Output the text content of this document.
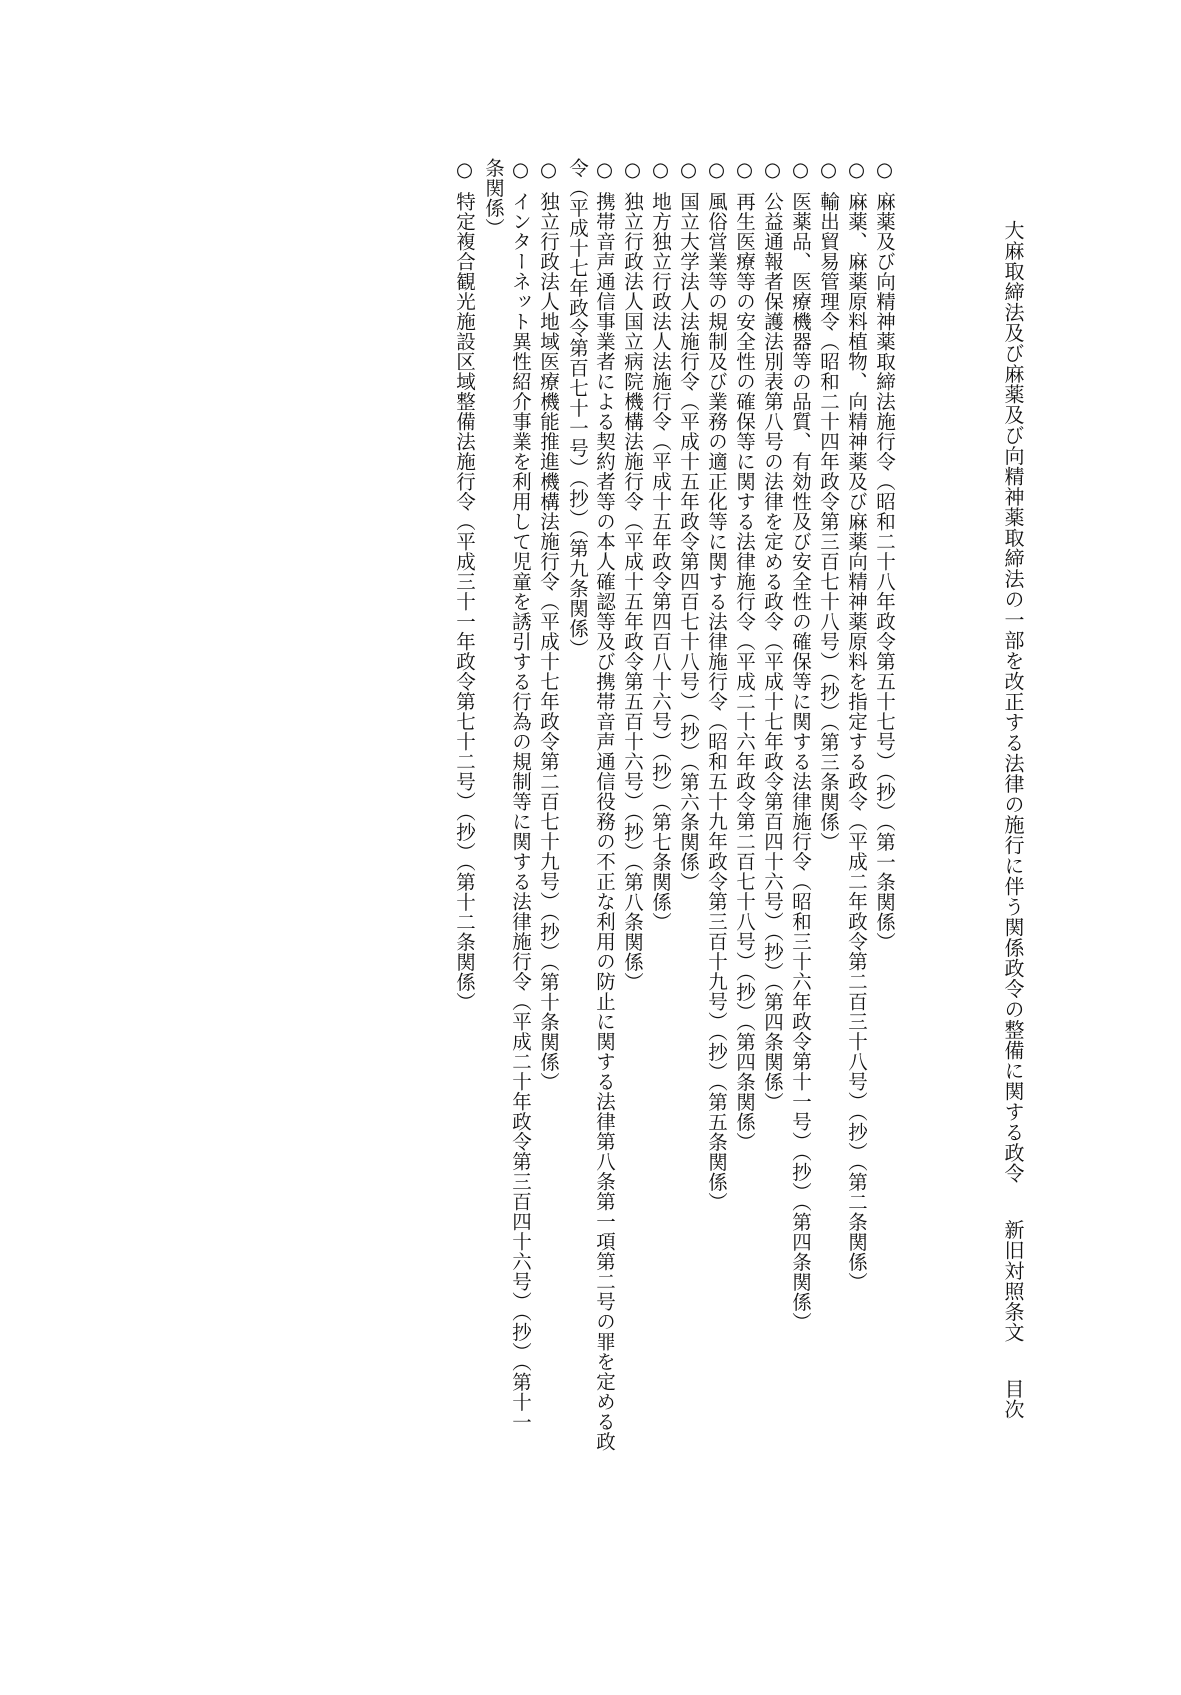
大麻取締法及び麻薬及び向精神薬取締法の一部を改正する法律の施行に伴う関係政令の整備に関する政令新旧対照条文目次
○麻薬及び向精神薬取締法施行令（昭和二十八年政令第五十七号）（抄）（第一条関係）
○麻薬、麻薬原料植物、向精神薬及び麻薬向精神薬原料を指定する政令（平成二年政令第二百三十八号）（抄）（第二条関係）
○輸出貿易管理令（昭和二十四年政令第三百七十八号）（抄）（第三条関係）
○医薬品、医療機器等の品質、有効性及び安全性の確保等に関する法律施行令（昭和三十六年政令第十一号）（抄）（第四条関係）
○公益通報者保護法別表第八号の法律を定める政令（平成十七年政令第百四十六号）（抄）（第四条関係）
○再生医療等の安全性の確保等に関する法律施行令（平成二十六年政令第二百七十八号）（抄）（第四条関係）
○風俗営業等の規制及び業務の適正化等に関する法律施行令（昭和五十九年政令第三百十九号）（抄）（第五条関係）
○国立大学法人法施行令（平成十五年政令第四百七十八号）（抄）（第六条関係）
○地方独立行政法人法施行令（平成十五年政令第四百八十六号）（抄）（第七条関係）
○独立行政法人国立病院機構法施行令（平成十五年政令第五百十六号）（抄）（第八条関係）
○携帯音声通信事業者による契約者等の本人確認等及び携帯音声通信役務の不正な利用の防止に関する法律第八条第一項第二号の罪を定める政令（平成十七年政令第百七十一号）（抄）（第九条関係）
○独立行政法人地域医療機能推進機構法施行令（平成十七年政令第二百七十九号）（抄）（第十条関係）
○インターネット異性紹介事業を利用して児童を誘引する行為の規制等に関する法律施行令（平成二十年政令第三百四十六号）（抄）（第十一条関係）
○特定複合観光施設区域整備法施行令（平成三十一年政令第七十二号）（抄）（第十二条関係）
